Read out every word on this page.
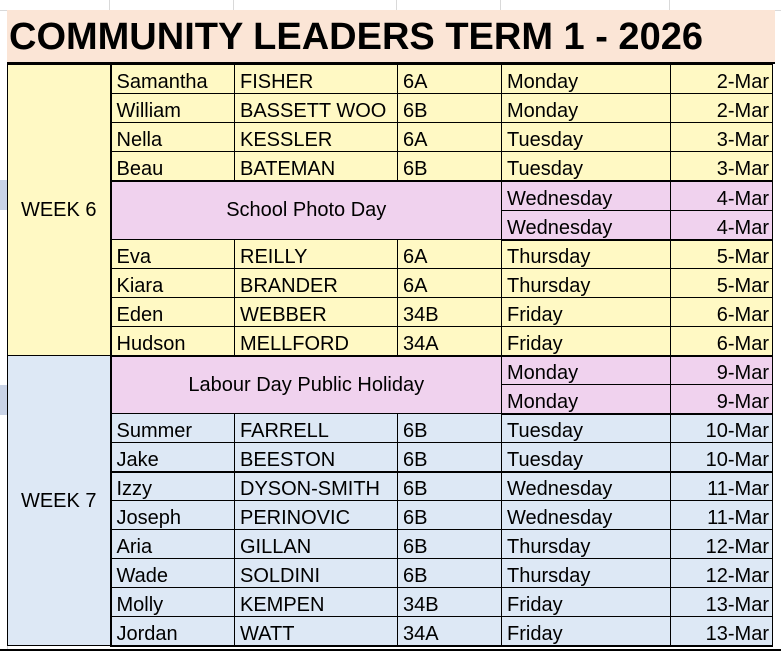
COMMUNITY LEADERS TERM 1 - 2026
WEEK 6	Samantha	FISHER	6A	Monday	2-Mar
	William	BASSETT WOO	6B	Monday	2-Mar
	Nella	KESSLER	6A	Tuesday	3-Mar
	Beau	BATEMAN	6B	Tuesday	3-Mar
	School Photo Day			Wednesday	4-Mar
				Wednesday	4-Mar
	Eva	REILLY	6A	Thursday	5-Mar
	Kiara	BRANDER	6A	Thursday	5-Mar
	Eden	WEBBER	34B	Friday	6-Mar
	Hudson	MELLFORD	34A	Friday	6-Mar
WEEK 7	Labour Day Public Holiday			Monday	9-Mar
				Monday	9-Mar
	Summer	FARRELL	6B	Tuesday	10-Mar
	Jake	BEESTON	6B	Tuesday	10-Mar
	Izzy	DYSON-SMITH	6B	Wednesday	11-Mar
	Joseph	PERINOVIC	6B	Wednesday	11-Mar
	Aria	GILLAN	6B	Thursday	12-Mar
	Wade	SOLDINI	6B	Thursday	12-Mar
	Molly	KEMPEN	34B	Friday	13-Mar
	Jordan	WATT	34A	Friday	13-Mar
